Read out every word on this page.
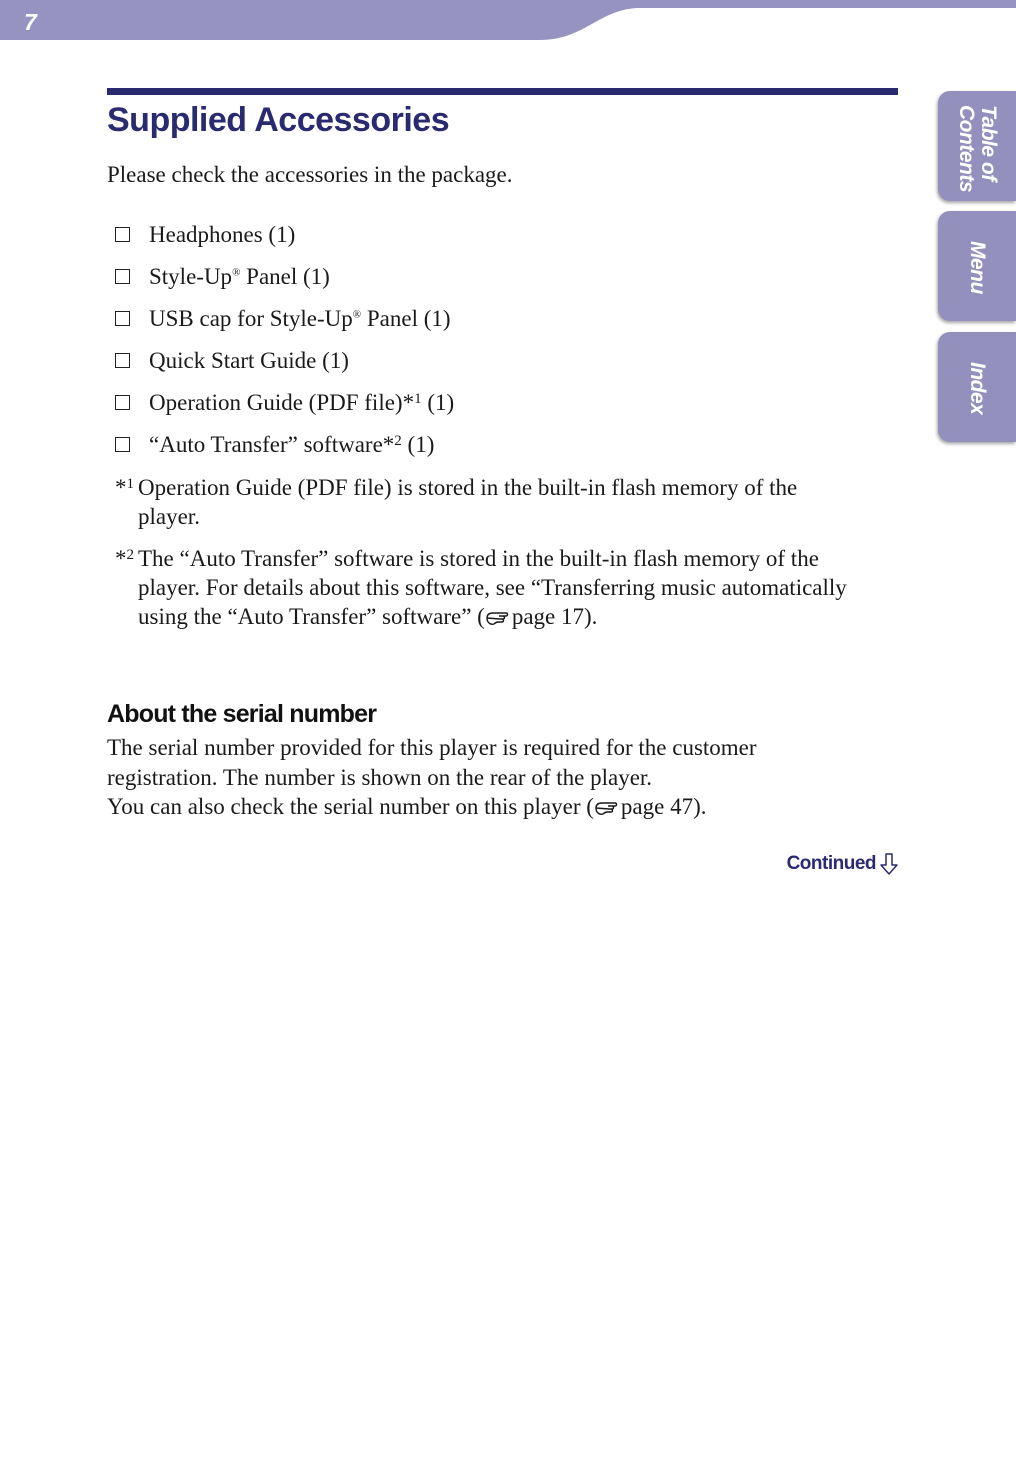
7
Supplied Accessories

Please check the accessories in the package.

Headphones (1)
Style-Up® Panel (1)
USB cap for Style-Up® Panel (1)
Quick Start Guide (1)
Operation Guide (PDF file)*$^1$ (1)
“Auto Transfer” software*$^2$ (1)
*$^1$ Operation Guide (PDF file) is stored in the built-in flash memory of the player.
*$^2$ The “Auto Transfer” software is stored in the built-in flash memory of the player. For details about this software, see “Transferring music automatically using the “Auto Transfer” software” ( page 17).
About the serial number

The serial number provided for this player is required for the customer registration. The number is shown on the rear of the player.
You can also check the serial number on this player ( page 47).

Continued
Table of
Contents
Menu
Index
